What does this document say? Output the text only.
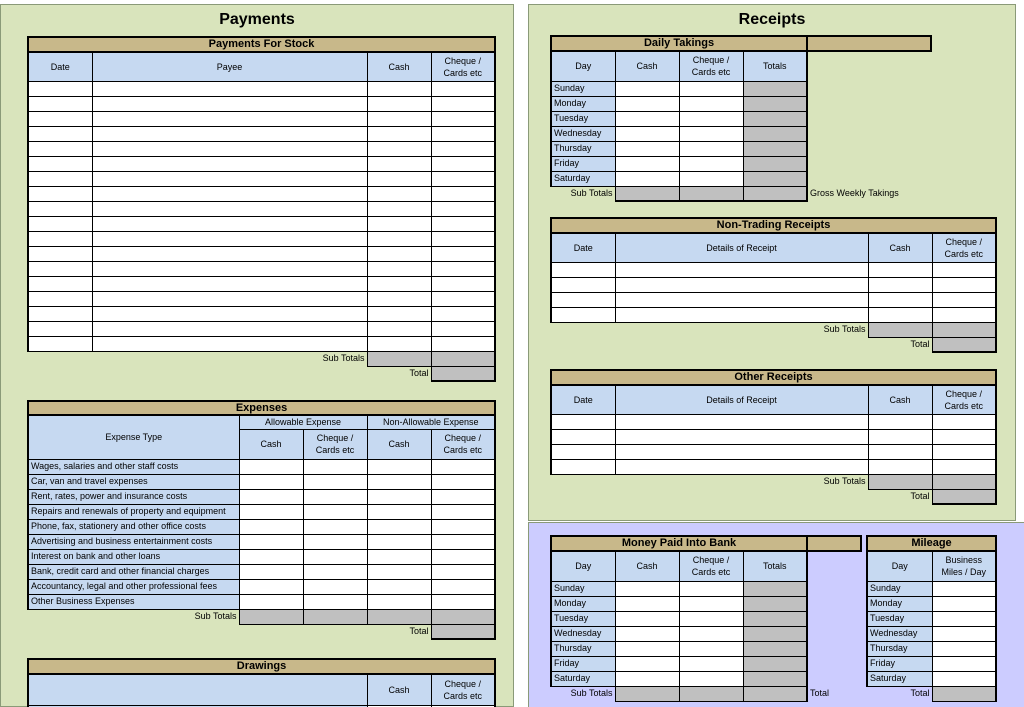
Payments
Payments For Stock			
Date	Payee	Cash	Cheque / Cards etc

	Sub Totals		
		Total	
Expenses				
Expense Type	Allowable Expense		Non-Allowable Expense	
	Cash	Cheque / Cards etc	Cash	Cheque / Cards etc
Wages, salaries and other staff costs				
Car, van and travel expenses				
Rent, rates, power and insurance costs				
Repairs and renewals of property and equipment				
Phone, fax, stationery and other office costs				
Advertising and business entertainment costs				
Interest on bank and other loans				
Bank, credit card and other financial charges				
Accountancy, legal and other professional fees				
Other Business Expenses				
Sub Totals				
			Total	
Drawings		
	Cash	Cheque / Cards etc

Receipts
Daily Takings				
Day	Cash	Cheque / Cards etc	Totals	
Sunday				
Monday				
Tuesday				
Wednesday				
Thursday				
Friday				
Saturday				
Sub Totals				Gross Weekly Takings
Non-Trading Receipts			
Date	Details of Receipt	Cash	Cheque / Cards etc

	Sub Totals		
		Total	
Other Receipts			
Date	Details of Receipt	Cash	Cheque / Cards etc

	Sub Totals		
		Total	
Money Paid Into Bank				
Day	Cash	Cheque / Cards etc	Totals	
Sunday				
Monday				
Tuesday				
Wednesday				
Thursday				
Friday				
Saturday				
Sub Totals				Total
Mileage	
Day	Business Miles / Day
Sunday	
Monday	
Tuesday	
Wednesday	
Thursday	
Friday	
Saturday	
Total	
